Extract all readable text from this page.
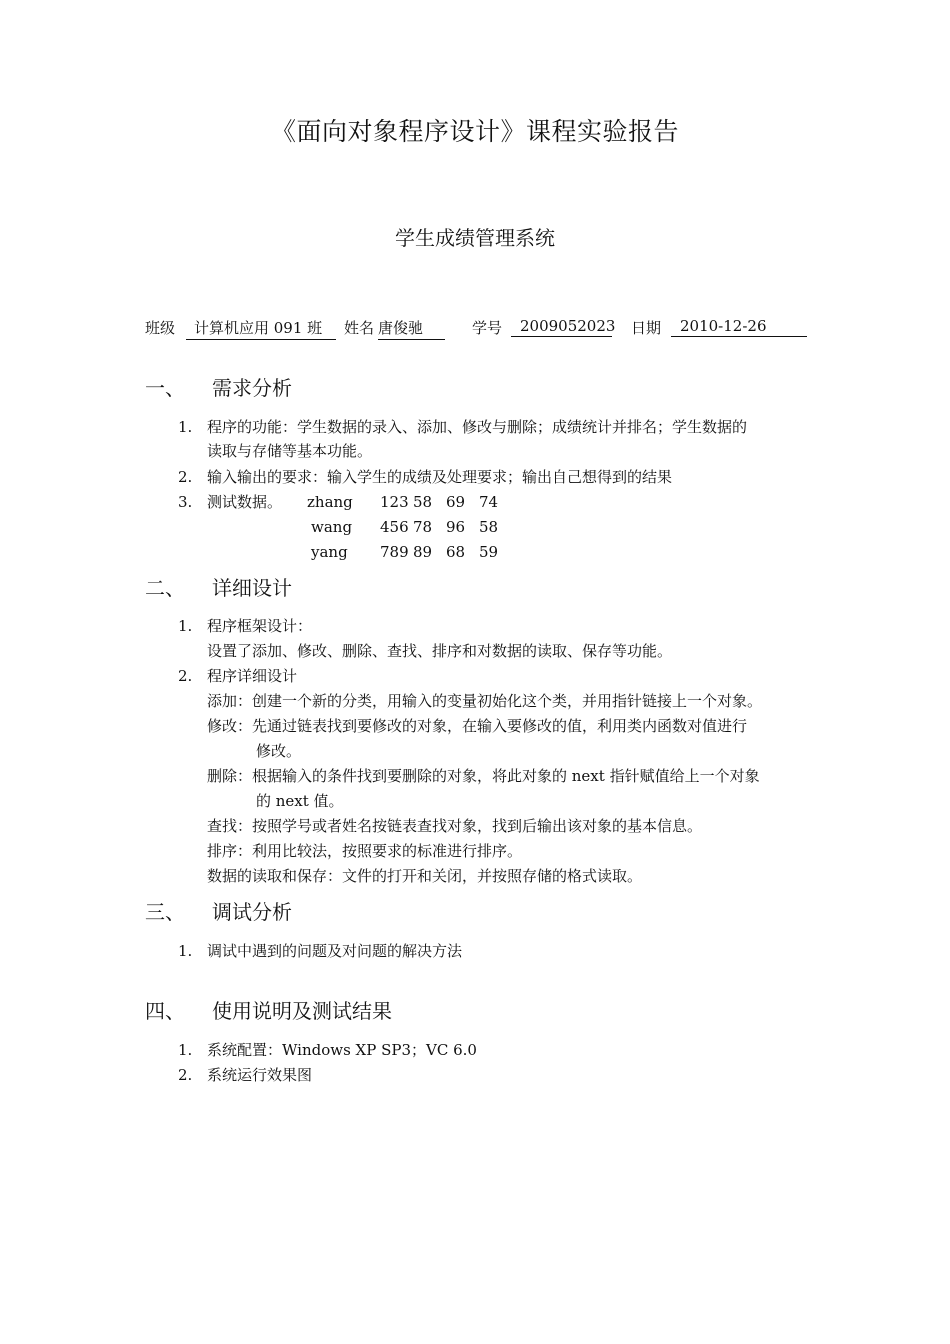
《面向对象程序设计》课程实验报告
学生成绩管理系统
班级	计算机应用 091 班	姓名 唐俊驰	学号	2009052023 日期	2010-12-26
一、 需求分析
1. 程序的功能：学生数据的录入、添加、修改与删除；成绩统计并排名；学生数据的
读取与存储等基本功能。
2. 输入输出的要求：输入学生的成绩及处理要求；输出自己想得到的结果
3. 测试数据。 zhang 123 58 69 74
wang 456 78 96 58
yang 789 89 68 59
二、 详细设计
1. 程序框架设计：
设置了添加、修改、删除、查找、排序和对数据的读取、保存等功能。
2. 程序详细设计
添加：创建一个新的分类，用输入的变量初始化这个类，并用指针链接上一个对象。
修改：先通过链表找到要修改的对象，在输入要修改的值，利用类内函数对值进行
修改。
删除：根据输入的条件找到要删除的对象，将此对象的 next 指针赋值给上一个对象
的 next 值。
查找：按照学号或者姓名按链表查找对象，找到后输出该对象的基本信息。
排序：利用比较法，按照要求的标准进行排序。
数据的读取和保存：文件的打开和关闭，并按照存储的格式读取。
三、 调试分析
1. 调试中遇到的问题及对问题的解决方法
四、 使用说明及测试结果
1. 系统配置：Windows XP SP3；VC 6.0
2. 系统运行效果图
